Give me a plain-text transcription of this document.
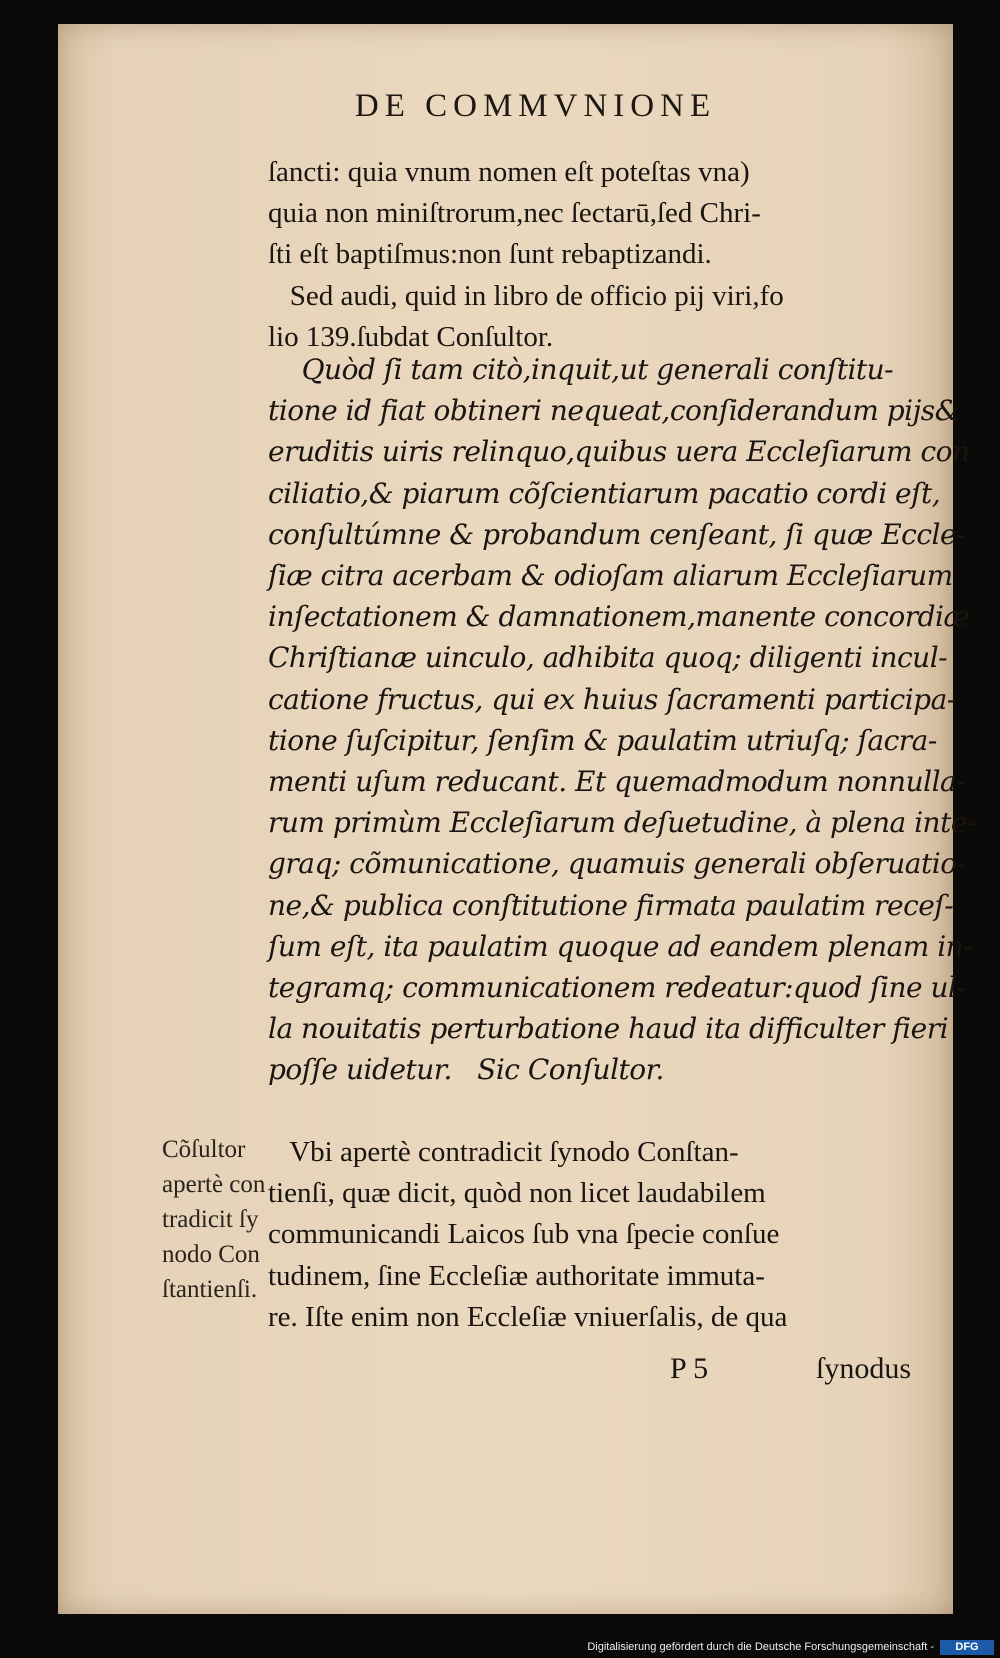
DE COMMVNIONE
ſancti: quia vnum nomen eſt poteſtas vna)
quia non miniſtrorum,nec ſectarū,ſed Chri-
ſti eſt baptiſmus:non ſunt rebaptizandi.
Sed audi, quid in libro de officio pij viri,fo
lio 139.ſubdat Conſultor.
Quòd ſi tam citò,inquit,ut generali conſtitu-
tione id fiat obtineri nequeat,conſiderandum pijs&
eruditis uiris relinquo,quibus uera Eccleſiarum con
ciliatio,& piarum cõſcientiarum pacatio cordi eſt,
conſultúmne & probandum cenſeant, ſi quæ Eccle-
ſiæ citra acerbam & odioſam aliarum Eccleſiarum
inſectationem & damnationem,manente concordiæ
Chriſtianæ uinculo, adhibita quoq; diligenti incul-
catione fructus, qui ex huius ſacramenti participa-
tione ſuſcipitur, ſenſim & paulatim utriuſq; ſacra-
menti uſum reducant. Et quemadmodum nonnulla-
rum primùm Eccleſiarum deſuetudine, à plena inte-
graq; cõmunicatione, quamuis generali obſeruatio-
ne,& publica conſtitutione firmata paulatim receſ-
ſum eſt, ita paulatim quoque ad eandem plenam in-
tegramq; communicationem redeatur:quod ſine ul-
la nouitatis perturbatione haud ita difficulter fieri
poſſe uidetur.   Sic Conſultor.
Cõſultor
apertè con
tradicit ſy
nodo Con
ſtantienſi.
Vbi apertè contradicit ſynodo Conſtan-
tienſi, quæ dicit, quòd non licet laudabilem
communicandi Laicos ſub vna ſpecie conſue
tudinem, ſine Eccleſiæ authoritate immuta-
re. Iſte enim non Eccleſiæ vniuerſalis, de qua
P 5	ſynodus
Digitalisierung gefördert durch die Deutsche Forschungsgemeinschaft -	DFG
